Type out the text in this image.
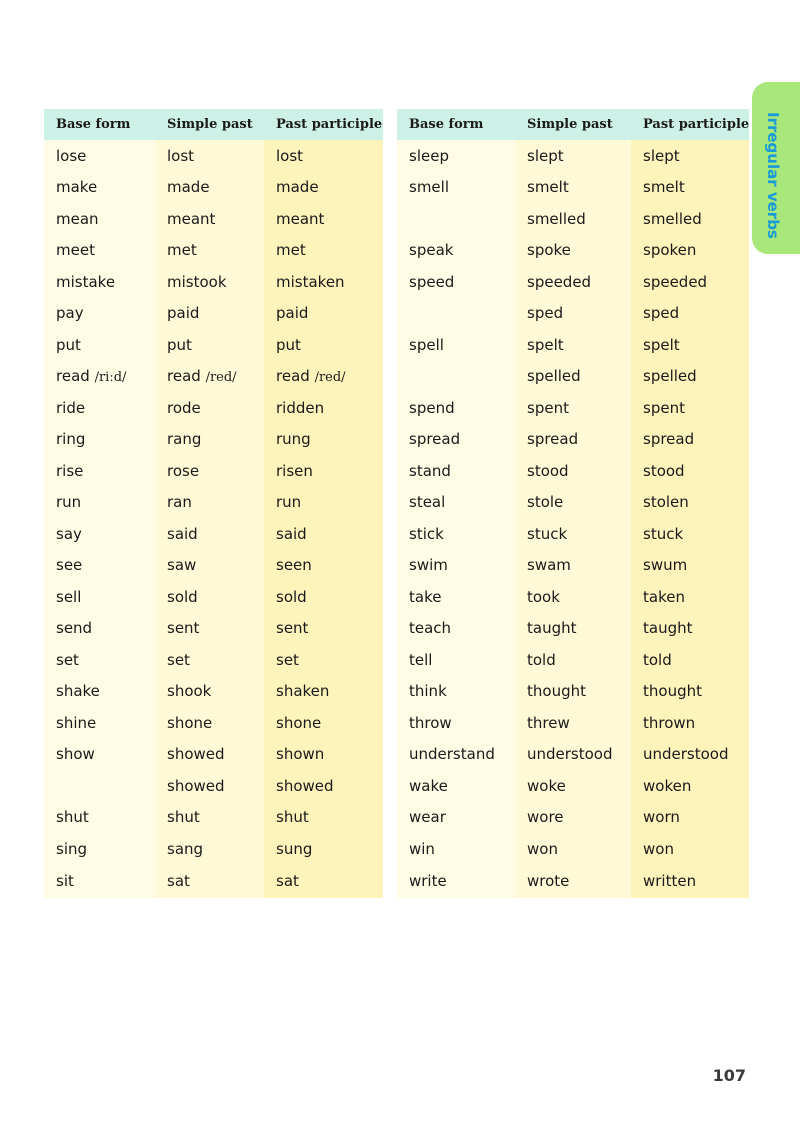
Irregular verbs
Base form	Simple past	Past participle
lose	lost	lost
make	made	made
mean	meant	meant
meet	met	met
mistake	mistook	mistaken
pay	paid	paid
put	put	put
read /riːd/	read /red/	read /red/
ride	rode	ridden
ring	rang	rung
rise	rose	risen
run	ran	run
say	said	said
see	saw	seen
sell	sold	sold
send	sent	sent
set	set	set
shake	shook	shaken
shine	shone	shone
show	showed	shown
	showed	showed
shut	shut	shut
sing	sang	sung
sit	sat	sat
Base form	Simple past	Past participle
sleep	slept	slept
smell	smelt	smelt
	smelled	smelled
speak	spoke	spoken
speed	speeded	speeded
	sped	sped
spell	spelt	spelt
	spelled	spelled
spend	spent	spent
spread	spread	spread
stand	stood	stood
steal	stole	stolen
stick	stuck	stuck
swim	swam	swum
take	took	taken
teach	taught	taught
tell	told	told
think	thought	thought
throw	threw	thrown
understand	understood	understood
wake	woke	woken
wear	wore	worn
win	won	won
write	wrote	written
107
